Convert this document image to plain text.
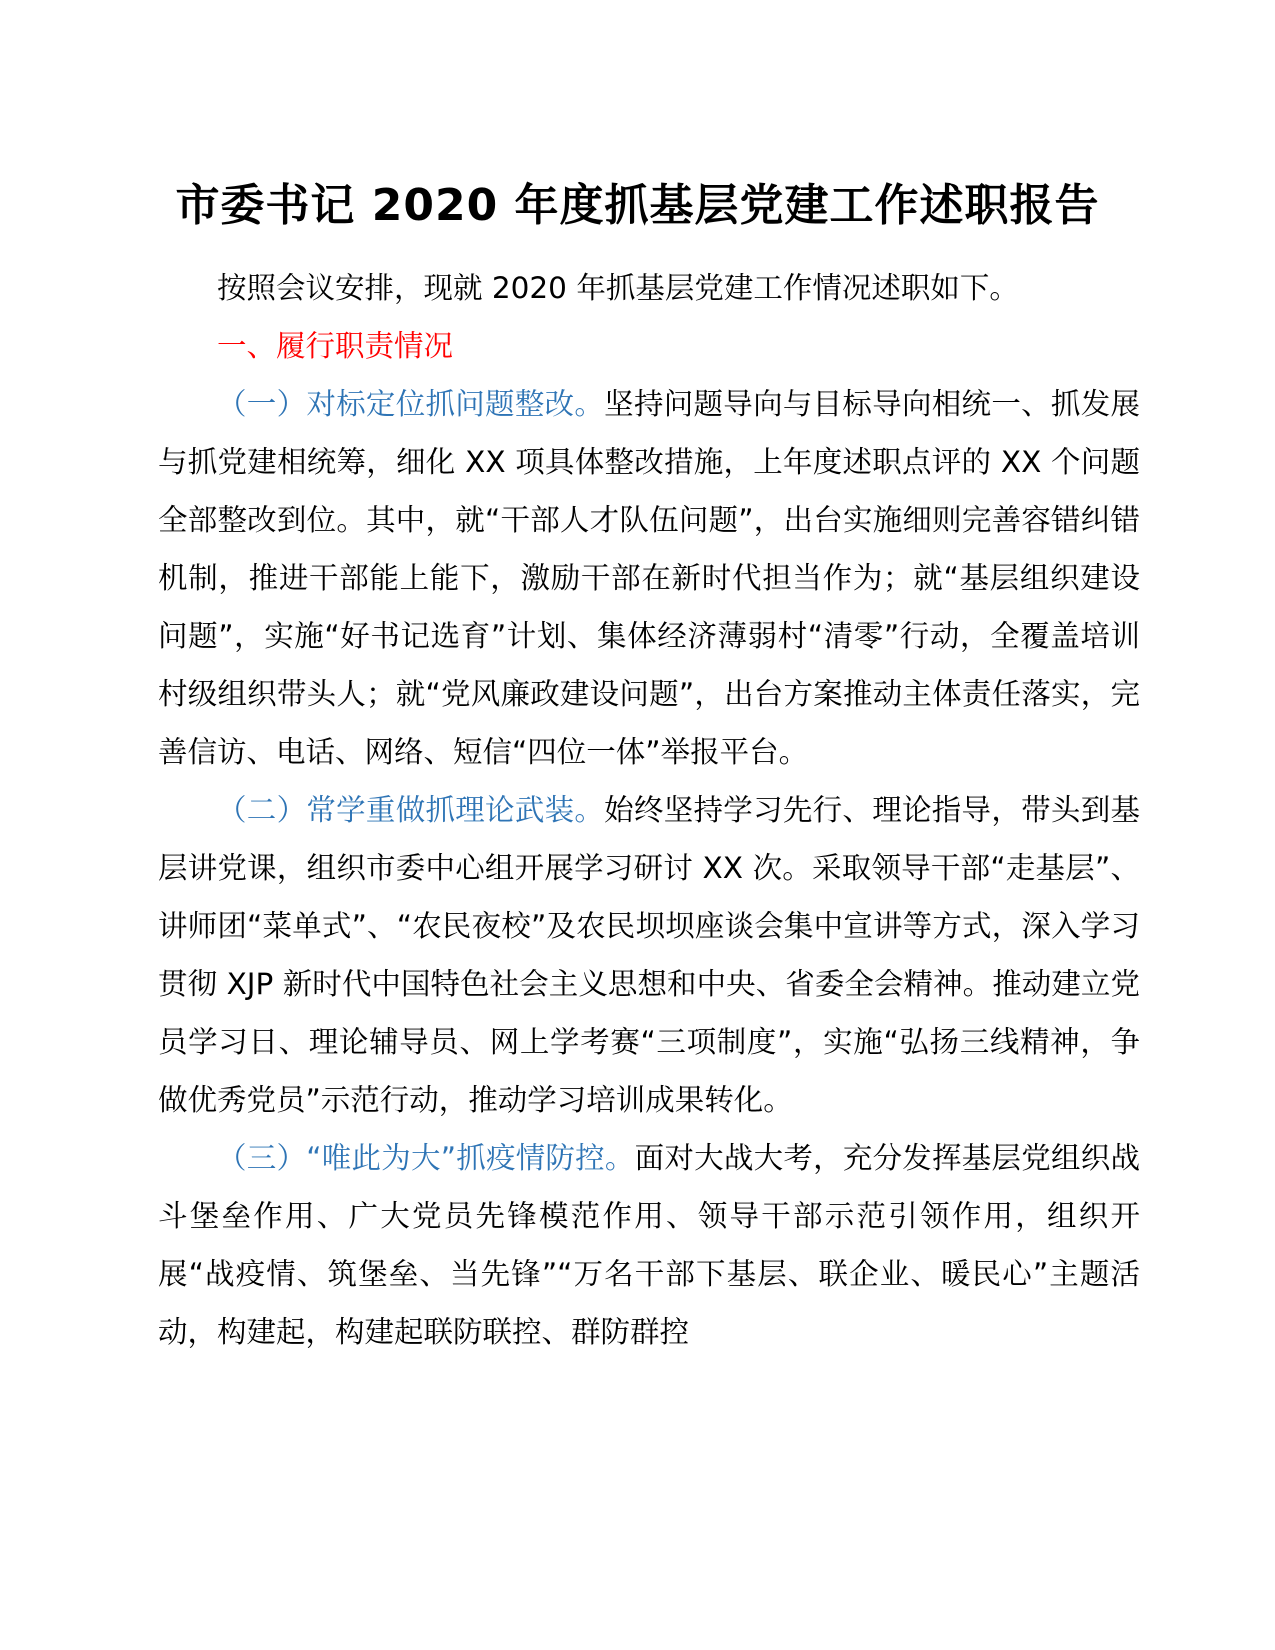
市委书记 2020 年度抓基层党建工作述职报告

按照会议安排，现就 2020 年抓基层党建工作情况述职如下。

一、履行职责情况

（一）对标定位抓问题整改。坚持问题导向与目标导向相统一、抓发展与抓党建相统筹，细化 XX 项具体整改措施，上年度述职点评的 XX 个问题全部整改到位。其中，就“干部人才队伍问题”，出台实施细则完善容错纠错机制，推进干部能上能下，激励干部在新时代担当作为；就“基层组织建设问题”，实施“好书记选育”计划、集体经济薄弱村“清零”行动，全覆盖培训村级组织带头人；就“党风廉政建设问题”，出台方案推动主体责任落实，完善信访、电话、网络、短信“四位一体”举报平台。

（二）常学重做抓理论武装。始终坚持学习先行、理论指导，带头到基层讲党课，组织市委中心组开展学习研讨 XX 次。采取领导干部“走基层”、讲师团“菜单式”、“农民夜校”及农民坝坝座谈会集中宣讲等方式，深入学习贯彻 XJP 新时代中国特色社会主义思想和中央、省委全会精神。推动建立党员学习日、理论辅导员、网上学考赛“三项制度”，实施“弘扬三线精神，争做优秀党员”示范行动，推动学习培训成果转化。

（三）“唯此为大”抓疫情防控。面对大战大考，充分发挥基层党组织战斗堡垒作用、广大党员先锋模范作用、领导干部示范引领作用，组织开展“战疫情、筑堡垒、当先锋”“万名干部下基层、联企业、暖民心”主题活动，构建起，构建起联防联控、群防群控
